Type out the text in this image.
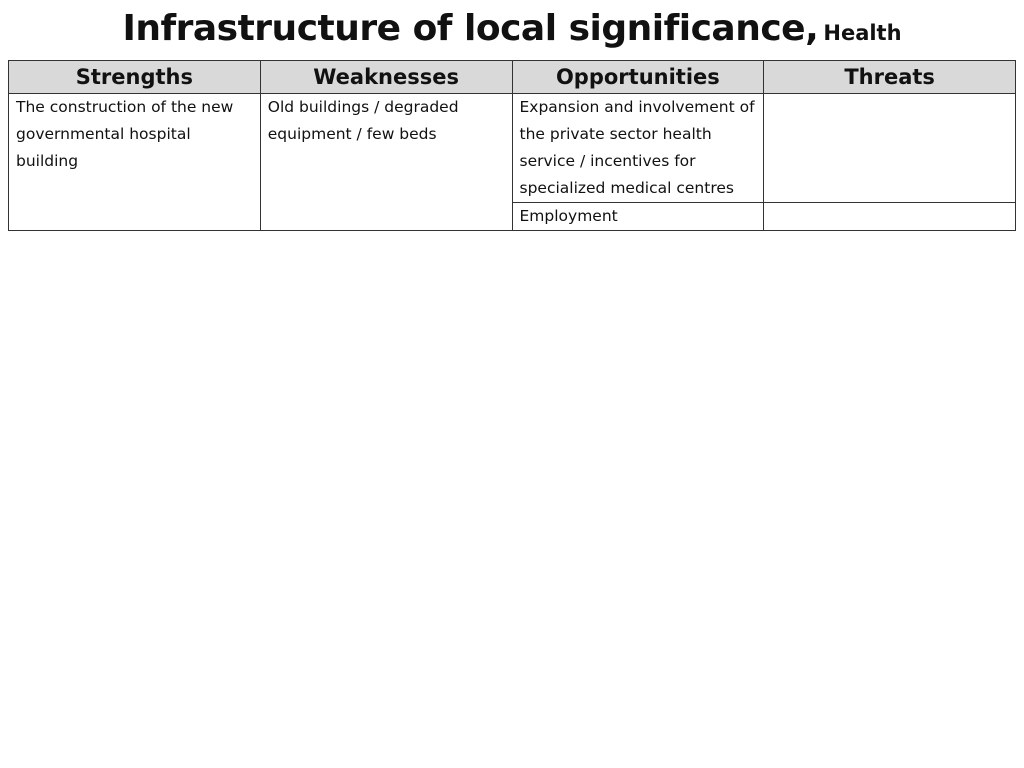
Infrastructure of local significance, Health
Strengths	Weaknesses	Opportunities	Threats
The construction of the new governmental hospital building	Old buildings / degraded equipment / few beds	Expansion and involvement of the private sector health service / incentives for specialized medical centres	
		Employment	
